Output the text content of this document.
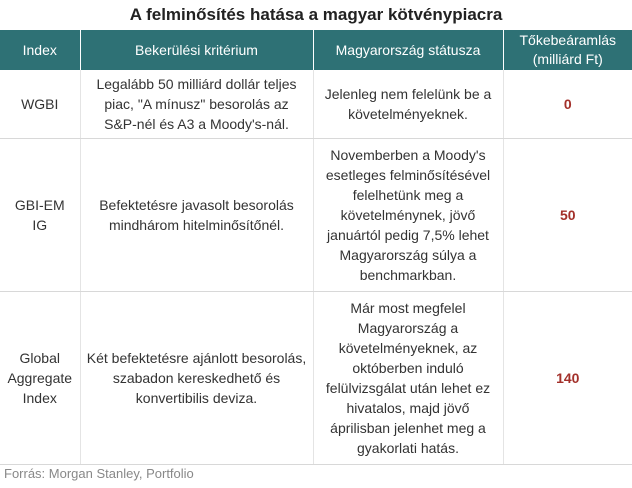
A felminősítés hatása a magyar kötvénypiacra
Index	Bekerülési kritérium	Magyarország státusza	Tőkebeáramlás (milliárd Ft)
WGBI	Legalább 50 milliárd dollár teljes piac, "A mínusz" besorolás az S&P-nél és A3 a Moody's-nál.	Jelenleg nem felelünk be a követelményeknek.	0
GBI-EM IG	Befektetésre javasolt besorolás mindhárom hitelminősítőnél.	Novemberben a Moody's esetleges felminősítésével felelhetünk meg a követelménynek, jövő januártól pedig 7,5% lehet Magyarország súlya a benchmarkban.	50
Global Aggregate Index	Két befektetésre ajánlott besorolás, szabadon kereskedhető és konvertibilis deviza.	Már most megfelel Magyarország a követelményeknek, az októberben induló felülvizsgálat után lehet ez hivatalos, majd jövő áprilisban jelenhet meg a gyakorlati hatás.	140
Forrás: Morgan Stanley, Portfolio
